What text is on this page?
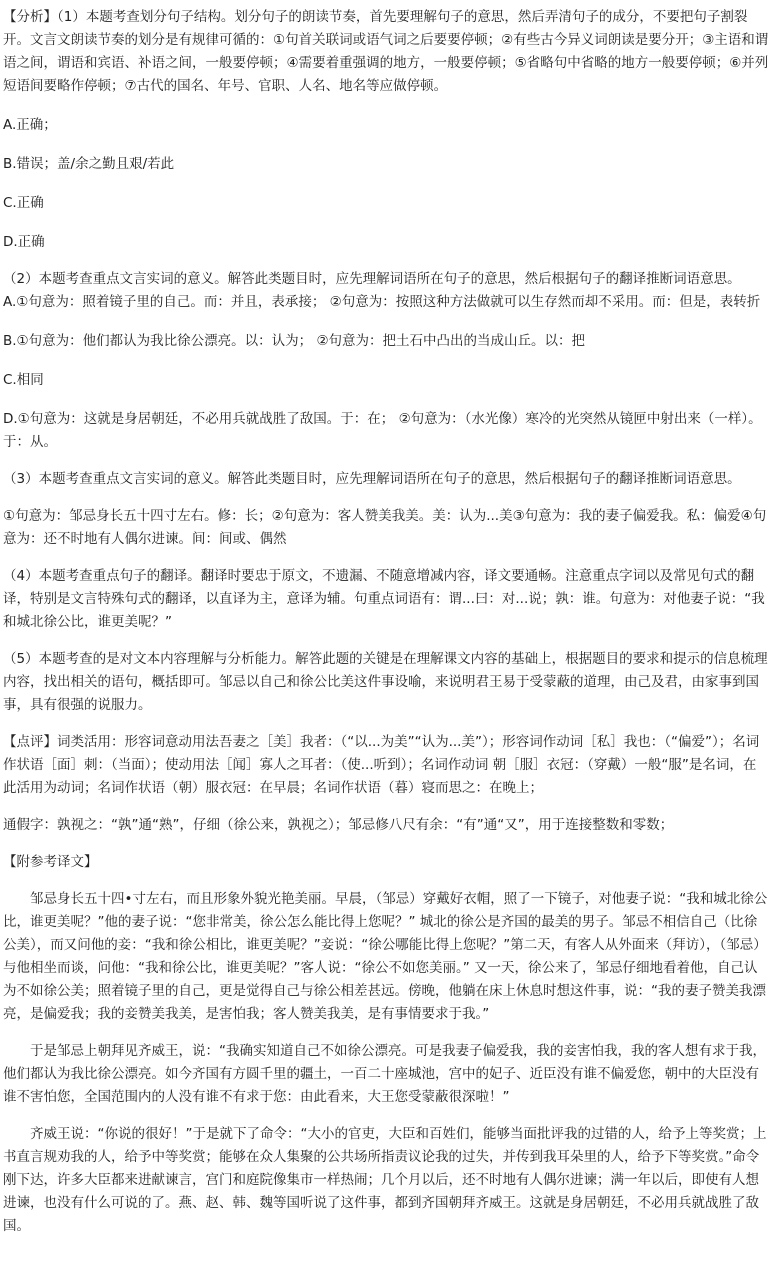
【分析】（1）本题考查划分句子结构。划分句子的朗读节奏，首先要理解句子的意思，然后弄清句子的成分，不要把句子割裂开。文言文朗读节奏的划分是有规律可循的：①句首关联词或语气词之后要要停顿；②有些古今异义词朗读是要分开；③主语和谓语之间，谓语和宾语、补语之间，一般要停顿；④需要着重强调的地方，一般要停顿；⑤省略句中省略的地方一般要停顿；⑥并列短语间要略作停顿；⑦古代的国名、年号、官职、人名、地名等应做停顿。

A.正确；

B.错误；盖/余之勤且艰/若此

C.正确

D.正确

（2）本题考查重点文言实词的意义。解答此类题目时，应先理解词语所在句子的意思，然后根据句子的翻译推断词语意思。

A.①句意为：照着镜子里的自己。而：并且，表承接； ②句意为：按照这种方法做就可以生存然而却不采用。而：但是，表转折

B.①句意为：他们都认为我比徐公漂亮。以：认为； ②句意为：把土石中凸出的当成山丘。以：把

C.相同

D.①句意为：这就是身居朝廷，不必用兵就战胜了敌国。于：在； ②句意为：（水光像）寒冷的光突然从镜匣中射出来（一样）。于：从。

（3）本题考查重点文言实词的意义。解答此类题目时，应先理解词语所在句子的意思，然后根据句子的翻译推断词语意思。

①句意为：邹忌身长五十四寸左右。修：长；②句意为：客人赞美我美。美：认为...美③句意为：我的妻子偏爱我。私：偏爱④句意为：还不时地有人偶尔进谏。间：间或、偶然

（4）本题考查重点句子的翻译。翻译时要忠于原文，不遗漏、不随意增减内容，译文要通畅。注意重点字词以及常见句式的翻译，特别是文言特殊句式的翻译，以直译为主，意译为辅。句重点词语有：谓...曰：对...说；孰：谁。句意为：对他妻子说：“我和城北徐公比，谁更美呢？”

（5）本题考查的是对文本内容理解与分析能力。解答此题的关键是在理解课文内容的基础上，根据题目的要求和提示的信息梳理内容，找出相关的语句，概括即可。邹忌以自己和徐公比美这件事设喻，来说明君王易于受蒙蔽的道理，由己及君，由家事到国事，具有很强的说服力。

【点评】词类活用：形容词意动用法吾妻之［美］我者：（“以...为美”“认为...美”）；形容词作动词［私］我也：（“偏爱”）；名词作状语［面］刺：（当面）；使动用法［闻］寡人之耳者：（使...听到）；名词作动词 朝［服］衣冠：（穿戴）一般“服”是名词，在此活用为动词；名词作状语（朝）服衣冠：在早晨；名词作状语（暮）寝而思之：在晚上；

通假字：孰视之：“孰”通“熟”，仔细（徐公来，孰视之）；邹忌修八尺有余：“有”通“又”，用于连接整数和零数；

【附参考译文】

邹忌身长五十四•寸左右，而且形象外貌光艳美丽。早晨，（邹忌）穿戴好衣帽，照了一下镜子，对他妻子说：“我和城北徐公比，谁更美呢？”他的妻子说：“您非常美，徐公怎么能比得上您呢？” 城北的徐公是齐国的最美的男子。邹忌不相信自己（比徐公美），而又问他的妾：“我和徐公相比，谁更美呢？”妾说：“徐公哪能比得上您呢？”第二天，有客人从外面来（拜访），（邹忌）与他相坐而谈，问他：“我和徐公比，谁更美呢？”客人说：“徐公不如您美丽。” 又一天，徐公来了，邹忌仔细地看着他，自己认为不如徐公美；照着镜子里的自己，更是觉得自己与徐公相差甚远。傍晚，他躺在床上休息时想这件事，说：“我的妻子赞美我漂亮，是偏爱我；我的妾赞美我美，是害怕我；客人赞美我美，是有事情要求于我。”

于是邹忌上朝拜见齐威王，说：“我确实知道自己不如徐公漂亮。可是我妻子偏爱我，我的妾害怕我，我的客人想有求于我，他们都认为我比徐公漂亮。如今齐国有方圆千里的疆土，一百二十座城池，宫中的妃子、近臣没有谁不偏爱您，朝中的大臣没有谁不害怕您，全国范围内的人没有谁不有求于您：由此看来，大王您受蒙蔽很深啦！”

齐威王说：“你说的很好！”于是就下了命令：“大小的官吏，大臣和百姓们，能够当面批评我的过错的人，给予上等奖赏；上书直言规劝我的人，给予中等奖赏；能够在众人集聚的公共场所指责议论我的过失，并传到我耳朵里的人，给予下等奖赏。”命令刚下达，许多大臣都来进献谏言，宫门和庭院像集市一样热闹；几个月以后，还不时地有人偶尔进谏；满一年以后，即使有人想进谏，也没有什么可说的了。燕、赵、韩、魏等国听说了这件事，都到齐国朝拜齐威王。这就是身居朝廷，不必用兵就战胜了敌国。
